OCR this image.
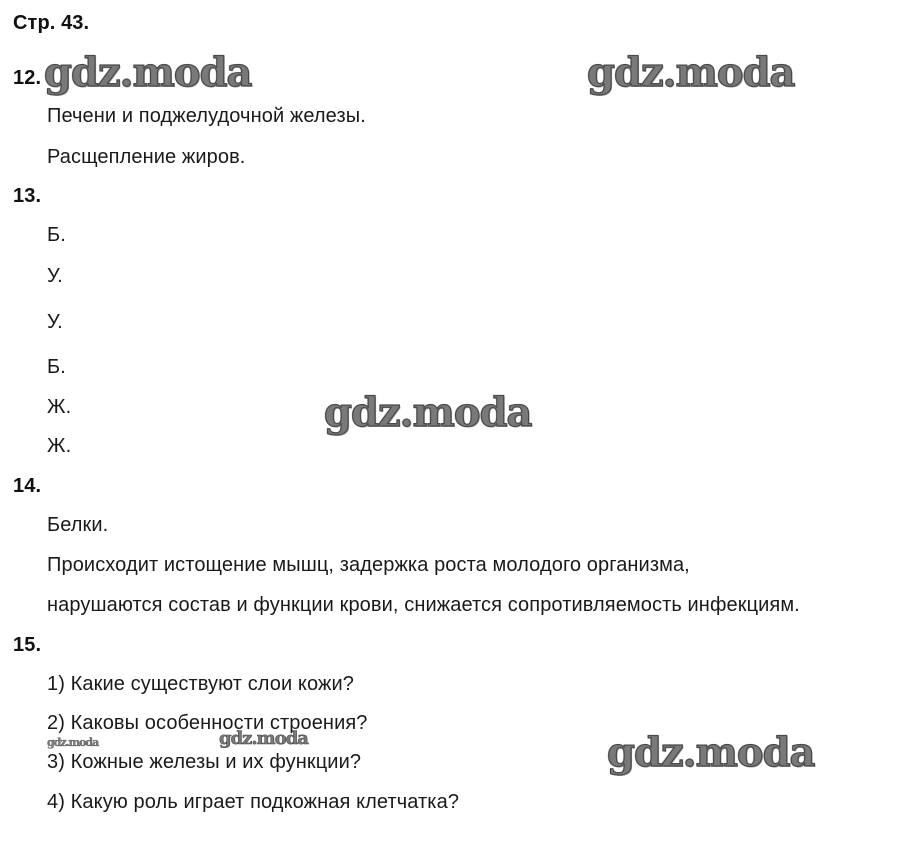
Стр. 43.
12.
Печени и поджелудочной железы.
Расщепление жиров.
13.
Б.
У.
У.
Б.
Ж.
Ж.
14.
Белки.
Происходит истощение мышц, задержка роста молодого организма,
нарушаются состав и функции крови, снижается сопротивляемость инфекциям.
15.
1) Какие существуют слои кожи?
2) Каковы особенности строения?
3) Кожные железы и их функции?
4) Какую роль играет подкожная клетчатка?
gdz.moda	gdz.moda
gdz.moda
gdz.moda
gdz.moda
gdz.moda
